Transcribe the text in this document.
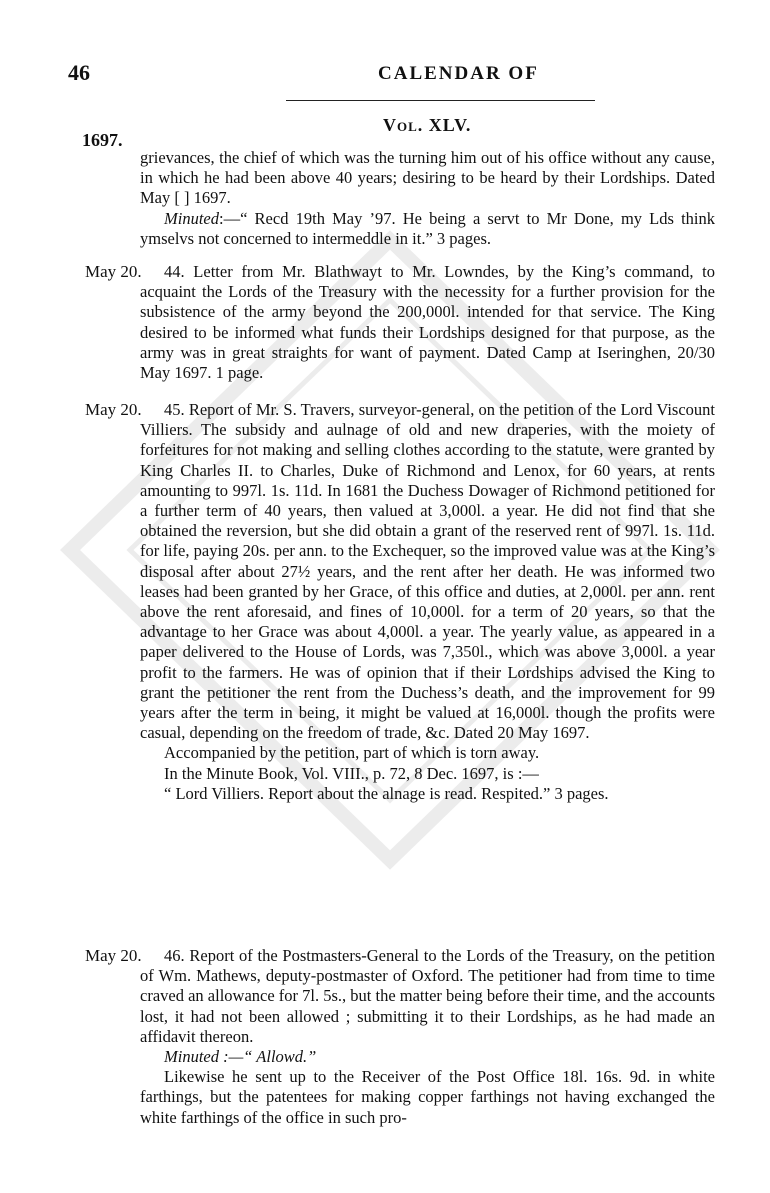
46	CALENDAR OF
Vol. XLV.
1697.

grievances, the chief of which was the turning him out of his office without any cause, in which he had been above 40 years; desiring to be heard by their Lordships. Dated May [ ] 1697.

Minuted:—“ Recd 19th May ’97. He being a servt to Mr Done, my Lds think ymselvs not concerned to intermeddle in it.” 3 pages.

May 20.	44. Letter from Mr. Blathwayt to Mr. Lowndes, by the King’s command, to acquaint the Lords of the Treasury with the necessity for a further provision for the subsistence of the army beyond the 200,000l. intended for that service. The King desired to be informed what funds their Lordships designed for that purpose, as the army was in great straights for want of payment. Dated Camp at Iseringhen, 20/30 May 1697. 1 page.

May 20.	45. Report of Mr. S. Travers, surveyor-general, on the petition of the Lord Viscount Villiers. The subsidy and aulnage of old and new draperies, with the moiety of forfeitures for not making and selling clothes according to the statute, were granted by King Charles II. to Charles, Duke of Richmond and Lenox, for 60 years, at rents amounting to 997l. 1s. 11d. In 1681 the Duchess Dowager of Richmond petitioned for a further term of 40 years, then valued at 3,000l. a year. He did not find that she obtained the reversion, but she did obtain a grant of the reserved rent of 997l. 1s. 11d. for life, paying 20s. per ann. to the Exchequer, so the improved value was at the King’s disposal after about 27½ years, and the rent after her death. He was informed two leases had been granted by her Grace, of this office and duties, at 2,000l. per ann. rent above the rent aforesaid, and fines of 10,000l. for a term of 20 years, so that the advantage to her Grace was about 4,000l. a year. The yearly value, as appeared in a paper delivered to the House of Lords, was 7,350l., which was above 3,000l. a year profit to the farmers. He was of opinion that if their Lordships advised the King to grant the petitioner the rent from the Duchess’s death, and the improvement for 99 years after the term in being, it might be valued at 16,000l. though the profits were casual, depending on the freedom of trade, &c. Dated 20 May 1697.

Accompanied by the petition, part of which is torn away.

In the Minute Book, Vol. VIII., p. 72, 8 Dec. 1697, is :—

“ Lord Villiers. Report about the alnage is read. Respited.” 3 pages.

May 20.	46. Report of the Postmasters-General to the Lords of the Treasury, on the petition of Wm. Mathews, deputy-postmaster of Oxford. The petitioner had from time to time craved an allowance for 7l. 5s., but the matter being before their time, and the accounts lost, it had not been allowed ; submitting it to their Lordships, as he had made an affidavit thereon.

Minuted :—“ Allowd.”

Likewise he sent up to the Receiver of the Post Office 18l. 16s. 9d. in white farthings, but the patentees for making copper farthings not having exchanged the white farthings of the office in such pro-
